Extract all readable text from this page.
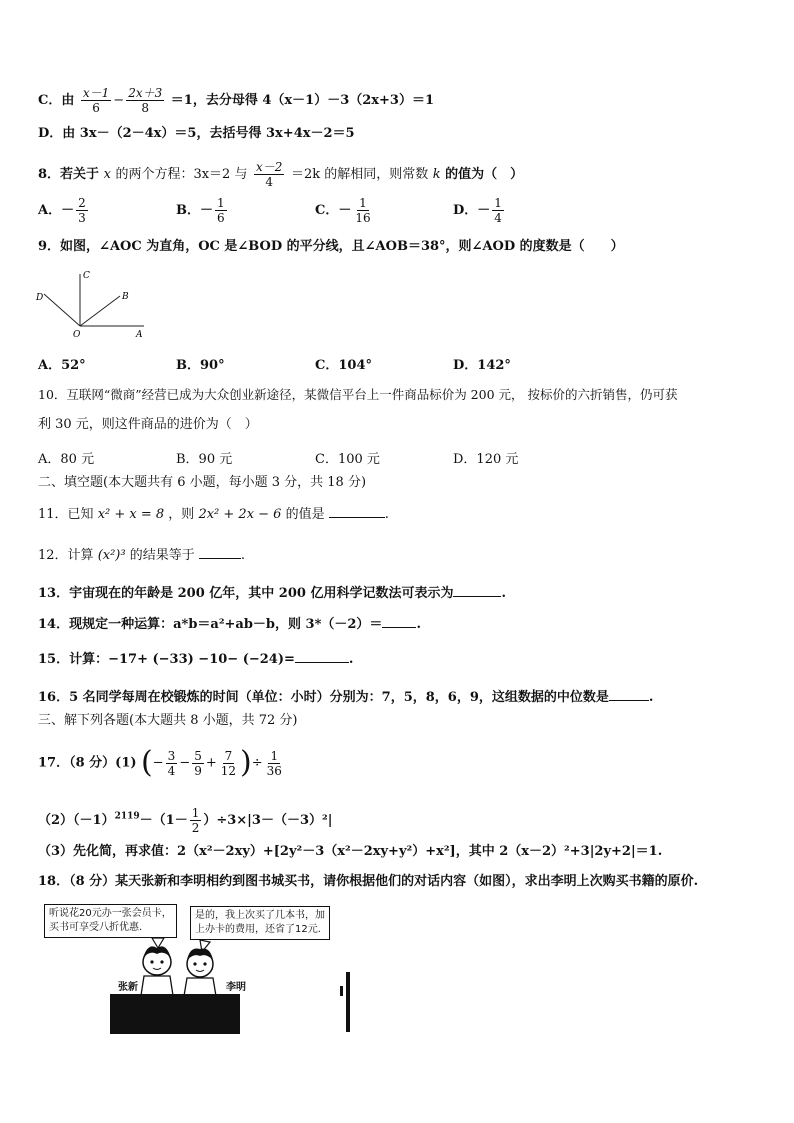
C．由 $\frac{x-1}{6} - \frac{2x+3}{8} =1$，去分母得 4（x－1）－3（2x+3）＝1
D．由 3x－（2－4x）＝5，去括号得 3x+4x－2＝5
8．若关于 x 的两个方程：3x＝2 与 $\frac{x-2}{4} =2k$ 的解相同，则常数 k 的值为（　）
A．－ $\frac{2}{3}$	B．－ $\frac{1}{6}$	C．－ $\frac{1}{16}$	D．－ $\frac{1}{4}$
9．如图，∠AOC 为直角，OC 是∠BOD 的平分线，且∠AOB＝38°，则∠AOD 的度数是（　　）
C
D	B
O	A
A．52°	B．90°	C．104°	D．142°
10．互联网“微商”经营已成为大众创业新途径，某微信平台上一件商品标价为 200 元， 按标价的六折销售，仍可获
利 30 元，则这件商品的进价为（　）
A．80 元	B．90 元	C．100 元	D．120 元
二、填空题(本大题共有 6 小题，每小题 3 分，共 18 分)
11．已知 x² + x = 8 ，则 2x² + 2x − 6 的值是	.
12．计算 (x²)³ 的结果等于	.
13．宇宙现在的年龄是 200 亿年，其中 200 亿用科学记数法可表示为	.
14．现规定一种运算：a*b＝a²+ab－b，则 3*（－2）＝	.
15．计算：−17+ (−33) −10− (−24)=	.
16．5 名同学每周在校锻炼的时间（单位：小时）分别为：7，5，8，6，9，这组数据的中位数是	.
三、解下列各题(本大题共 8 小题，共 72 分)
17．（8 分）(1) (− $\frac{3}{4} - \frac{5}{9} + \frac{7}{12}$ )÷ $\frac{1}{36}$
$(2)(-1)^{2119}-(1- \frac{1}{2} )\div 3\times|3-(-3)^2|$
（3）先化简，再求值：2（x²－2xy）+[2y²－3（x²－2xy+y²）+x²]，其中 2（x－2）²+3|2y+2|＝1.
18．（8 分）某天张新和李明相约到图书城买书，请你根据他们的对话内容（如图），求出李明上次购买书籍的原价.
听说花20元办一张会员卡，
买书可享受八折优惠.
是的，我上次买了几本书，加
上办卡的费用，还省了12元.
张新	李明
